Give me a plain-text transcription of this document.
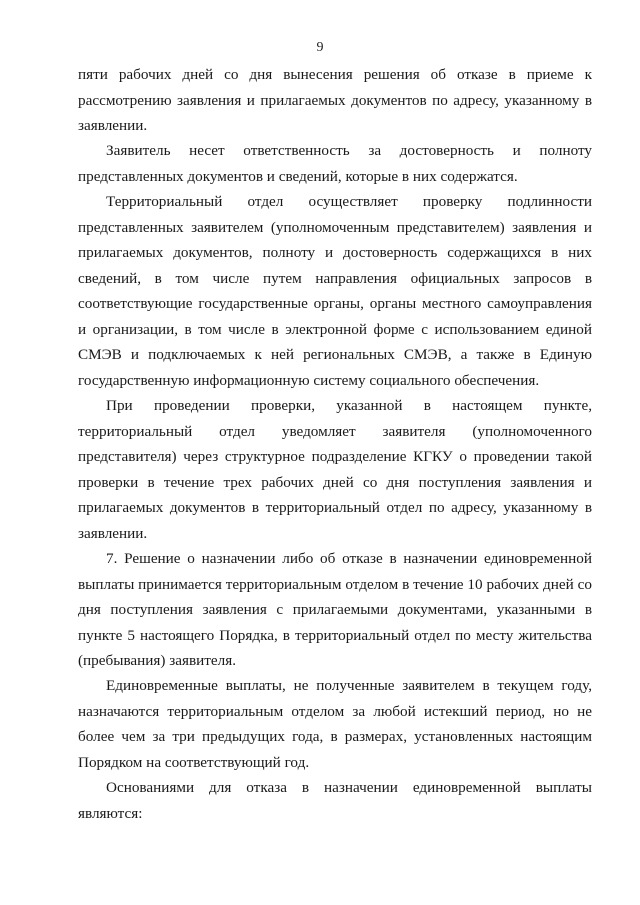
9

пяти рабочих дней со дня вынесения решения об отказе в приеме к рассмотрению заявления и прилагаемых документов по адресу, указанному в заявлении.

Заявитель несет ответственность за достоверность и полноту представленных документов и сведений, которые в них содержатся.

Территориальный отдел осуществляет проверку подлинности представленных заявителем (уполномоченным представителем) заявления и прилагаемых документов, полноту и достоверность содержащихся в них сведений, в том числе путем направления официальных запросов в соответствующие государственные органы, органы местного самоуправления и организации, в том числе в электронной форме с использованием единой СМЭВ и подключаемых к ней региональных СМЭВ, а также в Единую государственную информационную систему социального обеспечения.

При проведении проверки, указанной в настоящем пункте, территориальный отдел уведомляет заявителя (уполномоченного представителя) через структурное подразделение КГКУ о проведении такой проверки в течение трех рабочих дней со дня поступления заявления и прилагаемых документов в территориальный отдел по адресу, указанному в заявлении.

7. Решение о назначении либо об отказе в назначении единовременной выплаты принимается территориальным отделом в течение 10 рабочих дней со дня поступления заявления с прилагаемыми документами, указанными в пункте 5 настоящего Порядка, в территориальный отдел по месту жительства (пребывания) заявителя.

Единовременные выплаты, не полученные заявителем в текущем году, назначаются территориальным отделом за любой истекший период, но не более чем за три предыдущих года, в размерах, установленных настоящим Порядком на соответствующий год.

Основаниями для отказа в назначении единовременной выплаты являются:
